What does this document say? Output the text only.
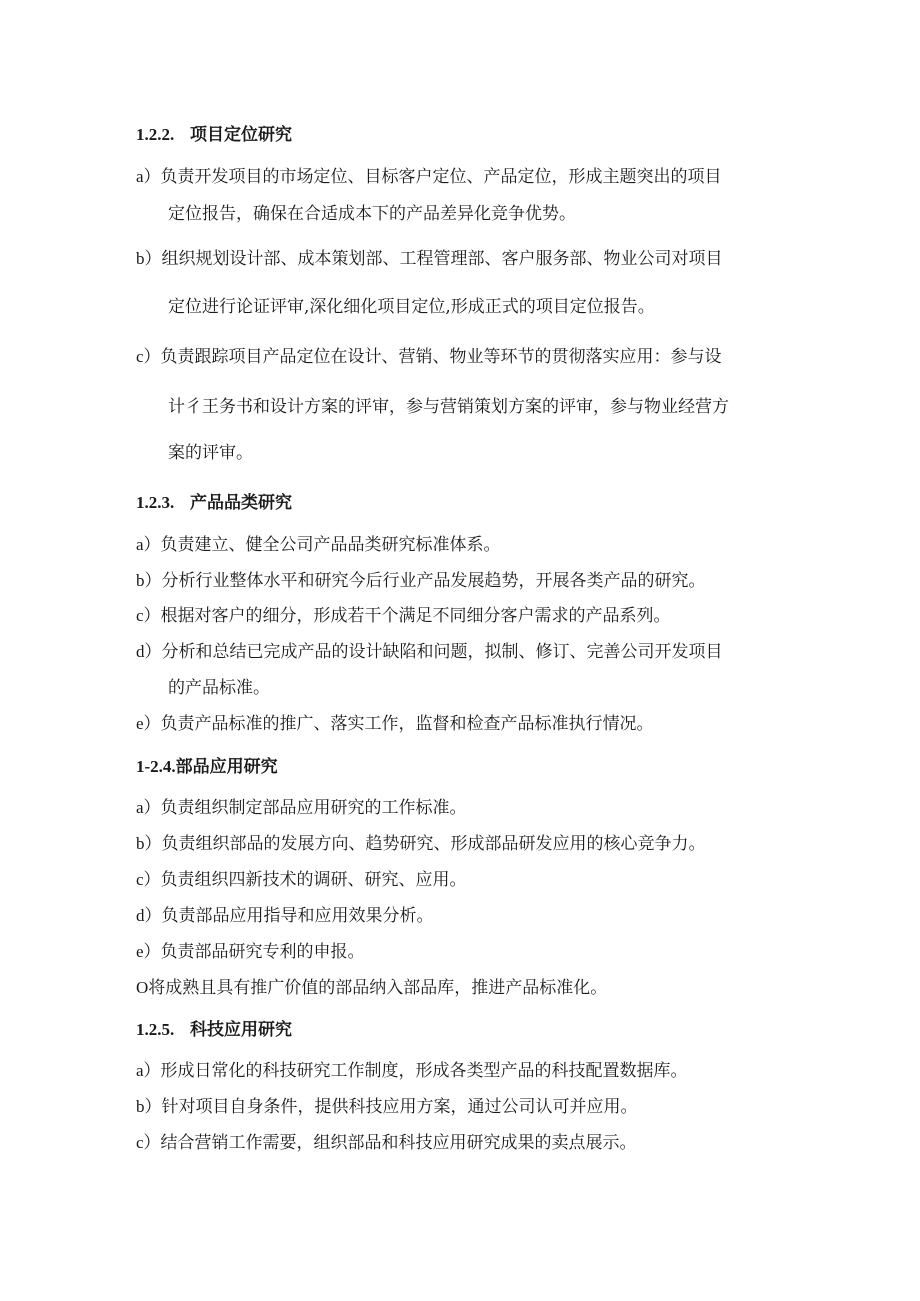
1.2.2. 项目定位研究
a）负责开发项目的市场定位、目标客户定位、产品定位，形成主题突出的项目
定位报告，确保在合适成本下的产品差异化竞争优势。
b）组织规划设计部、成本策划部、工程管理部、客户服务部、物业公司对项目
定位进行论证评审,深化细化项目定位,形成正式的项目定位报告。
c）负责跟踪项目产品定位在设计、营销、物业等环节的贯彻落实应用：参与设
计彳王务书和设计方案的评审，参与营销策划方案的评审，参与物业经营方
案的评审。
1.2.3. 产品品类研究
a）负责建立、健全公司产品品类研究标准体系。
b）分析行业整体水平和研究今后行业产品发展趋势，开展各类产品的研究。
c）根据对客户的细分，形成若干个满足不同细分客户需求的产品系列。
d）分析和总结已完成产品的设计缺陷和问题，拟制、修订、完善公司开发项目
的产品标准。
e）负责产品标准的推广、落实工作，监督和检查产品标准执行情况。
1-2.4.部品应用研究
a）负责组织制定部品应用研究的工作标准。
b）负责组织部品的发展方向、趋势研究、形成部品研发应用的核心竞争力。
c）负责组织四新技术的调研、研究、应用。
d）负责部品应用指导和应用效果分析。
e）负责部品研究专利的申报。
O将成熟且具有推广价值的部品纳入部品库，推进产品标准化。
1.2.5. 科技应用研究
a）形成日常化的科技研究工作制度，形成各类型产品的科技配置数据库。
b）针对项目自身条件，提供科技应用方案，通过公司认可并应用。
c）结合营销工作需要，组织部品和科技应用研究成果的卖点展示。
